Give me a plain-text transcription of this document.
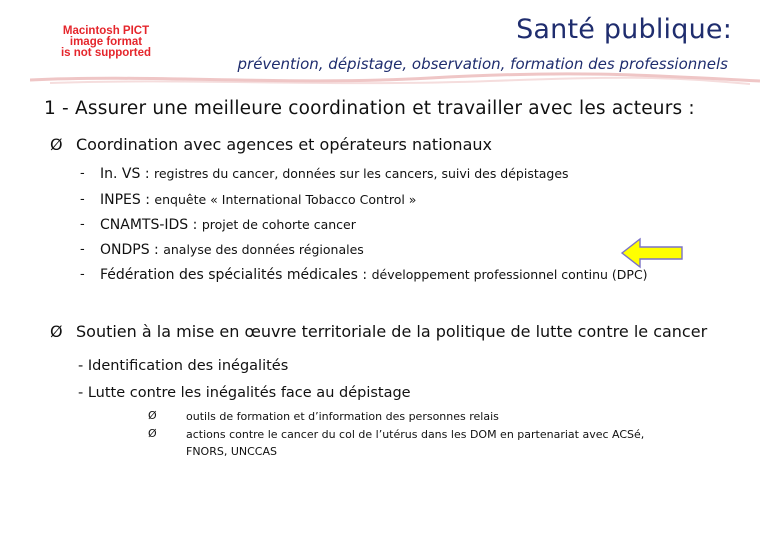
Macintosh PICT
image format
is not supported
Santé publique:
prévention, dépistage, observation, formation des professionnels
1 - Assurer une meilleure coordination et travailler avec les acteurs :
Ø Coordination avec agences et opérateurs nationaux
- In. VS : registres du cancer, données sur les cancers, suivi des dépistages
- INPES : enquête « International Tobacco Control »
- CNAMTS-IDS : projet de cohorte cancer
- ONDPS : analyse des données régionales
- Fédération des spécialités médicales : développement professionnel continu (DPC)
Ø Soutien à la mise en œuvre territoriale de la politique de lutte contre le cancer
- Identification des inégalités
- Lutte contre les inégalités face au dépistage
Ø	outils de formation et d’information des personnes relais
Ø	actions contre le cancer du col de l’utérus dans les DOM en partenariat avec ACSé,
FNORS, UNCCAS
